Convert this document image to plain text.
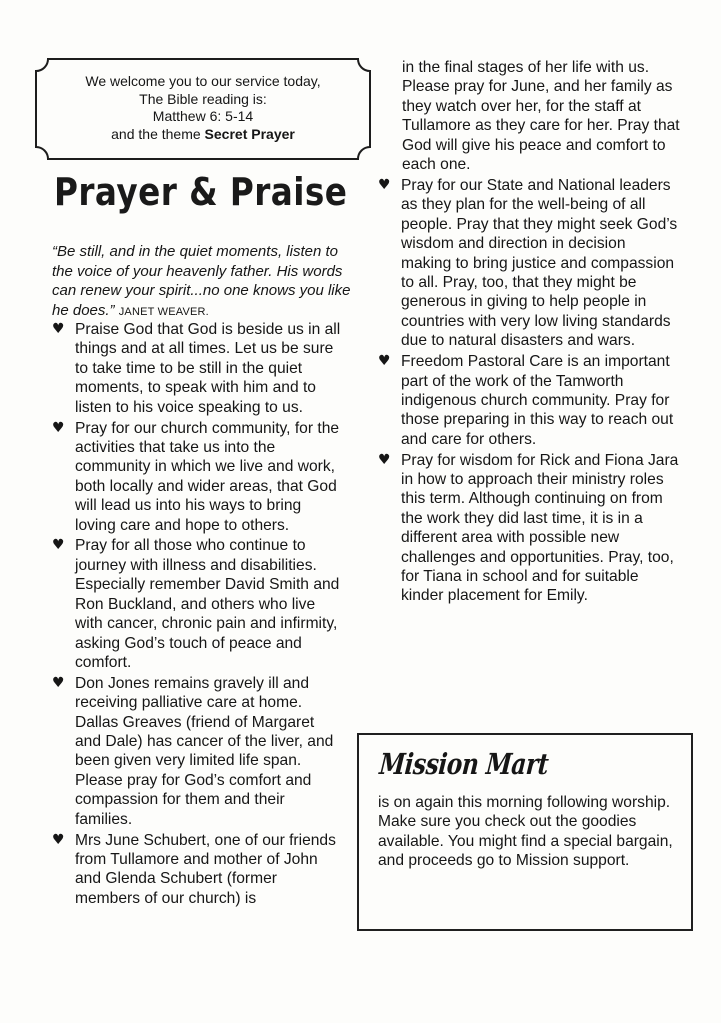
We welcome you to our service today,
The Bible reading is:
Matthew 6: 5-14
and the theme Secret Prayer
Prayer & Praise
“Be still, and in the quiet moments, listen to the voice of your heavenly father. His words can renew your spirit...no one knows you like he does.” JANET WEAVER.
♥ Praise God that God is beside us in all things and at all times. Let us be sure to take time to be still in the quiet moments, to speak with him and to listen to his voice speaking to us.
♥ Pray for our church community, for the activities that take us into the community in which we live and work, both locally and wider areas, that God will lead us into his ways to bring loving care and hope to others.
♥ Pray for all those who continue to journey with illness and disabilities. Especially remember David Smith and Ron Buckland, and others who live with cancer, chronic pain and infirmity, asking God’s touch of peace and comfort.
♥ Don Jones remains gravely ill and receiving palliative care at home. Dallas Greaves (friend of Margaret and Dale) has cancer of the liver, and been given very limited life span. Please pray for God’s comfort and compassion for them and their families.
♥ Mrs June Schubert, one of our friends from Tullamore and mother of John and Glenda Schubert (former members of our church) is
in the final stages of her life with us. Please pray for June, and her family as they watch over her, for the staff at Tullamore as they care for her. Pray that God will give his peace and comfort to each one.
♥ Pray for our State and National leaders as they plan for the well-being of all people. Pray that they might seek God’s wisdom and direction in decision making to bring justice and compassion to all. Pray, too, that they might be generous in giving to help people in countries with very low living standards due to natural disasters and wars.
♥ Freedom Pastoral Care is an important part of the work of the Tamworth indigenous church community. Pray for those preparing in this way to reach out and care for others.
♥ Pray for wisdom for Rick and Fiona Jara in how to approach their ministry roles this term. Although continuing on from the work they did last time, it is in a different area with possible new challenges and opportunities. Pray, too, for Tiana in school and for suitable kinder placement for Emily.
Mission Mart
is on again this morning following worship. Make sure you check out the goodies available. You might find a special bargain, and proceeds go to Mission support.
